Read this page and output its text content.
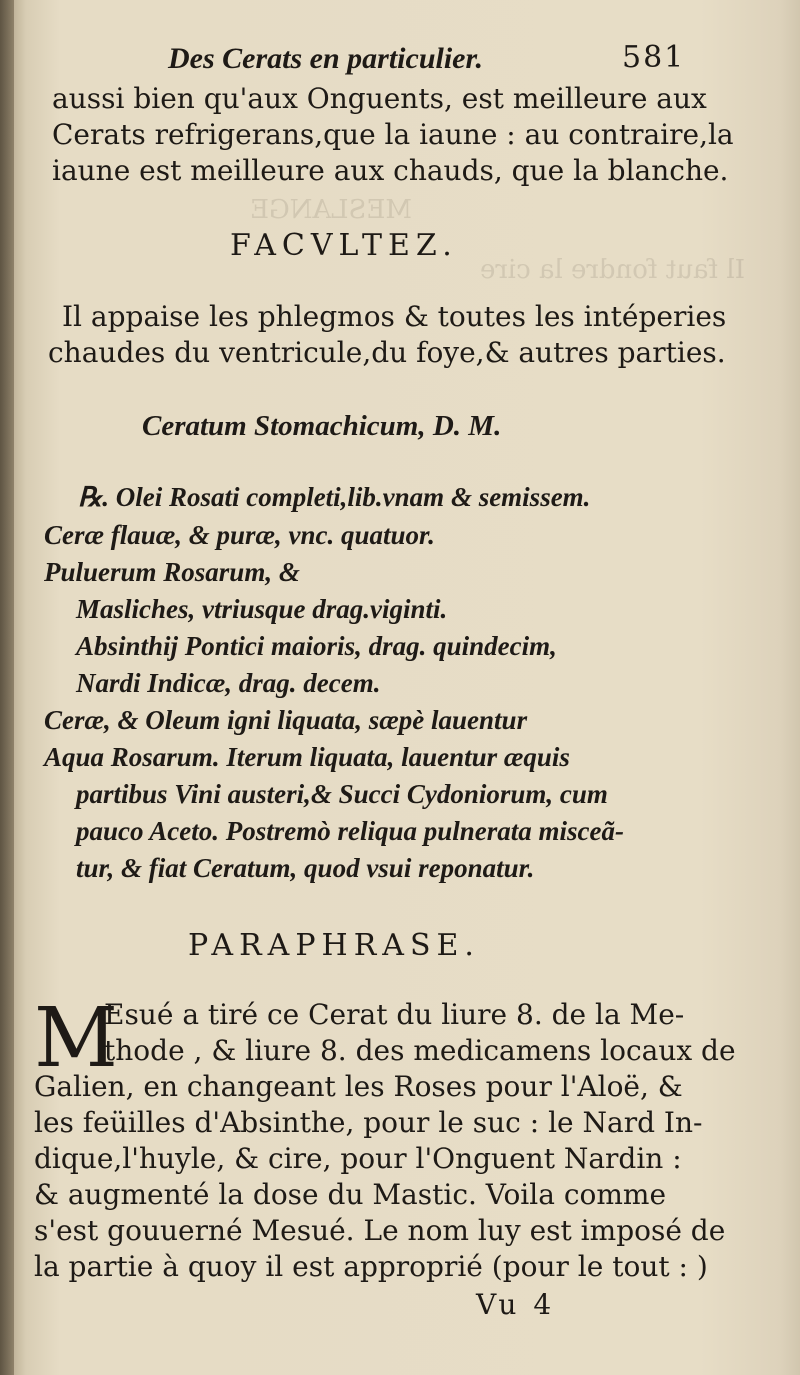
MESLANGE
Il faut fondre la cire
Des Cerats en particulier.	581
aussi bien qu'aux Onguents, est meilleure aux
Cerats refrigerans,que la iaune : au contraire,la
iaune est meilleure aux chauds, que la blanche.
FACVLTEZ.
Il appaise les phlegmos & toutes les intéperies
chaudes du ventricule,du foye,& autres parties.
Ceratum Stomachicum, D. M.
℞. Olei Rosati completi,lib.vnam & semissem.
Ceræ flauæ, & puræ, vnc. quatuor.
Puluerum Rosarum, &
Masliches, vtriusque drag.viginti.
Absinthij Pontici maioris, drag. quindecim,
Nardi Indicæ, drag. decem.
Ceræ, & Oleum igni liquata, sæpè lauentur
Aqua Rosarum. Iterum liquata, lauentur æquis
partibus Vini austeri,& Succi Cydoniorum, cum
pauco Aceto. Postremò reliqua pulnerata misceã-
tur, & fiat Ceratum, quod vsui reponatur.
PARAPHRASE.
M
Esué a tiré ce Cerat du liure 8. de la Me-
thode , & liure 8. des medicamens locaux de
Galien, en changeant les Roses pour l'Aloë, &
les feüilles d'Absinthe, pour le suc : le Nard In-
dique,l'huyle, & cire, pour l'Onguent Nardin :
& augmenté la dose du Mastic. Voila comme
s'est gouuerné Mesué. Le nom luy est imposé de
la partie à quoy il est approprié (pour le tout : )
Vu 4
